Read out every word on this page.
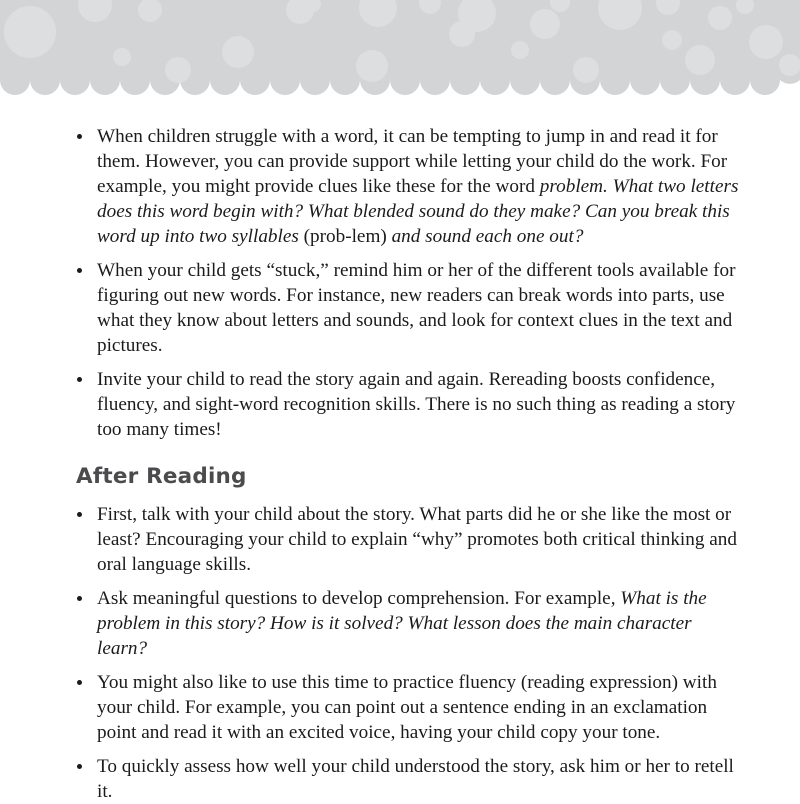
When children struggle with a word, it can be tempting to jump in and read it for them. However, you can provide support while letting your child do the work. For example, you might provide clues like these for the word problem. What two letters does this word begin with? What blended sound do they make? Can you break this word up into two syllables (prob-lem) and sound each one out?
When your child gets “stuck,” remind him or her of the different tools available for figuring out new words. For instance, new readers can break words into parts, use what they know about letters and sounds, and look for context clues in the text and pictures.
Invite your child to read the story again and again. Rereading boosts confidence, fluency, and sight-word recognition skills. There is no such thing as reading a story too many times!
After Reading
First, talk with your child about the story. What parts did he or she like the most or least? Encouraging your child to explain “why” promotes both critical thinking and oral language skills.
Ask meaningful questions to develop comprehension. For example, What is the problem in this story? How is it solved? What lesson does the main character learn?
You might also like to use this time to practice fluency (reading expression) with your child. For example, you can point out a sentence ending in an exclamation point and read it with an excited voice, having your child copy your tone.
To quickly assess how well your child understood the story, ask him or her to retell it.
